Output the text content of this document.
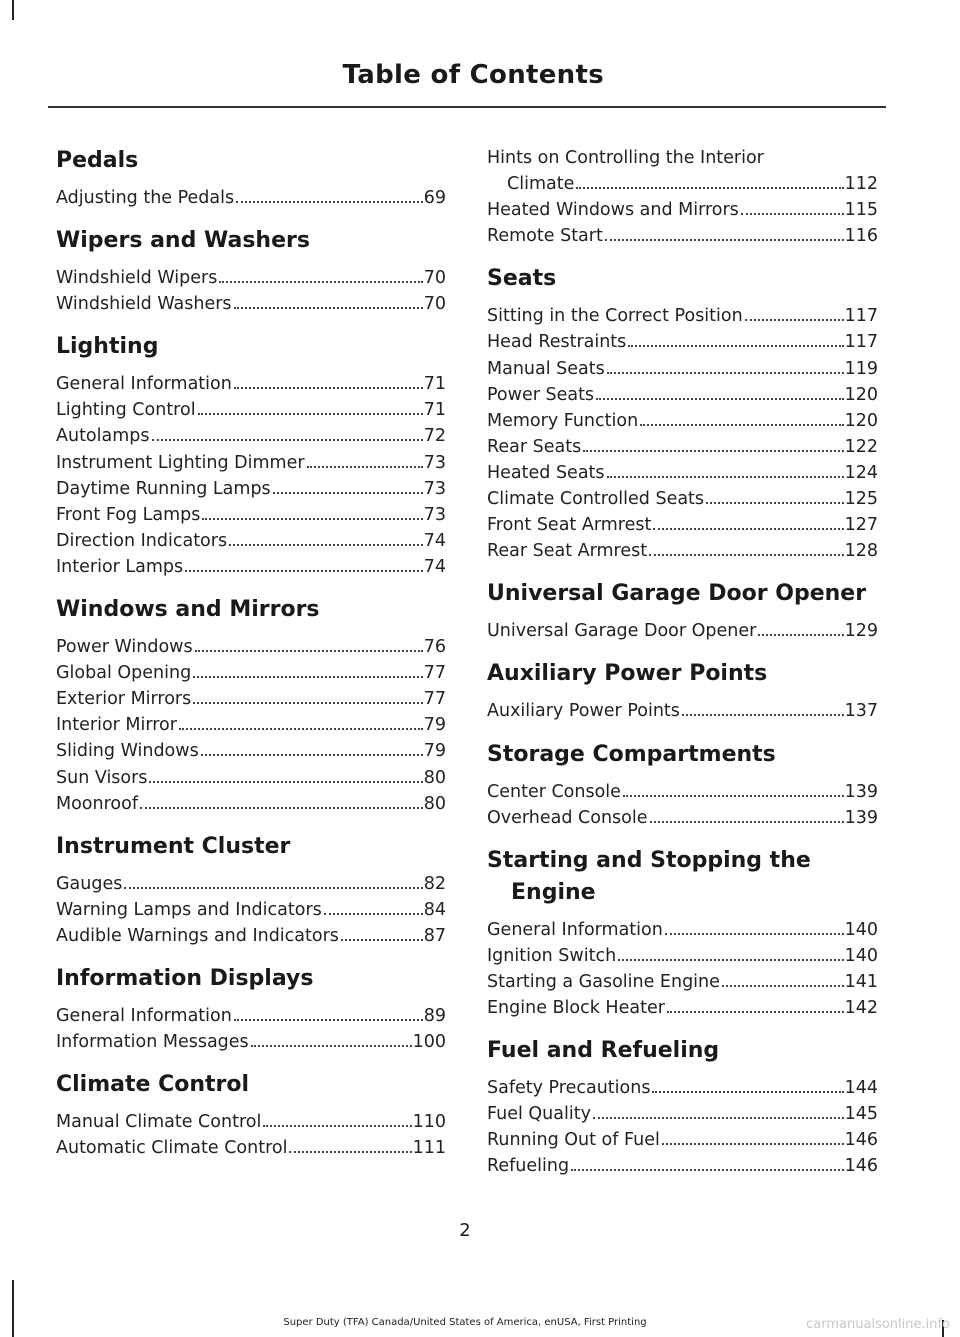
Table of Contents
Pedals
Adjusting the Pedals	69
Wipers and Washers
Windshield Wipers	70
Windshield Washers	70
Lighting
General Information	71
Lighting Control	71
Autolamps	72
Instrument Lighting Dimmer	73
Daytime Running Lamps	73
Front Fog Lamps	73
Direction Indicators	74
Interior Lamps	74
Windows and Mirrors
Power Windows	76
Global Opening	77
Exterior Mirrors	77
Interior Mirror	79
Sliding Windows	79
Sun Visors	80
Moonroof	80
Instrument Cluster
Gauges	82
Warning Lamps and Indicators	84
Audible Warnings and Indicators	87
Information Displays
General Information	89
Information Messages	100
Climate Control
Manual Climate Control	110
Automatic Climate Control	111
Hints on Controlling the Interior
Climate	112
Heated Windows and Mirrors	115
Remote Start	116
Seats
Sitting in the Correct Position	117
Head Restraints	117
Manual Seats	119
Power Seats	120
Memory Function	120
Rear Seats	122
Heated Seats	124
Climate Controlled Seats	125
Front Seat Armrest	127
Rear Seat Armrest	128
Universal Garage Door Opener
Universal Garage Door Opener	129
Auxiliary Power Points
Auxiliary Power Points	137
Storage Compartments
Center Console	139
Overhead Console	139
Starting and Stopping the Engine
General Information	140
Ignition Switch	140
Starting a Gasoline Engine	141
Engine Block Heater	142
Fuel and Refueling
Safety Precautions	144
Fuel Quality	145
Running Out of Fuel	146
Refueling	146
2
Super Duty (TFA) Canada/United States of America, enUSA, First Printing	carmanualsonline.info
